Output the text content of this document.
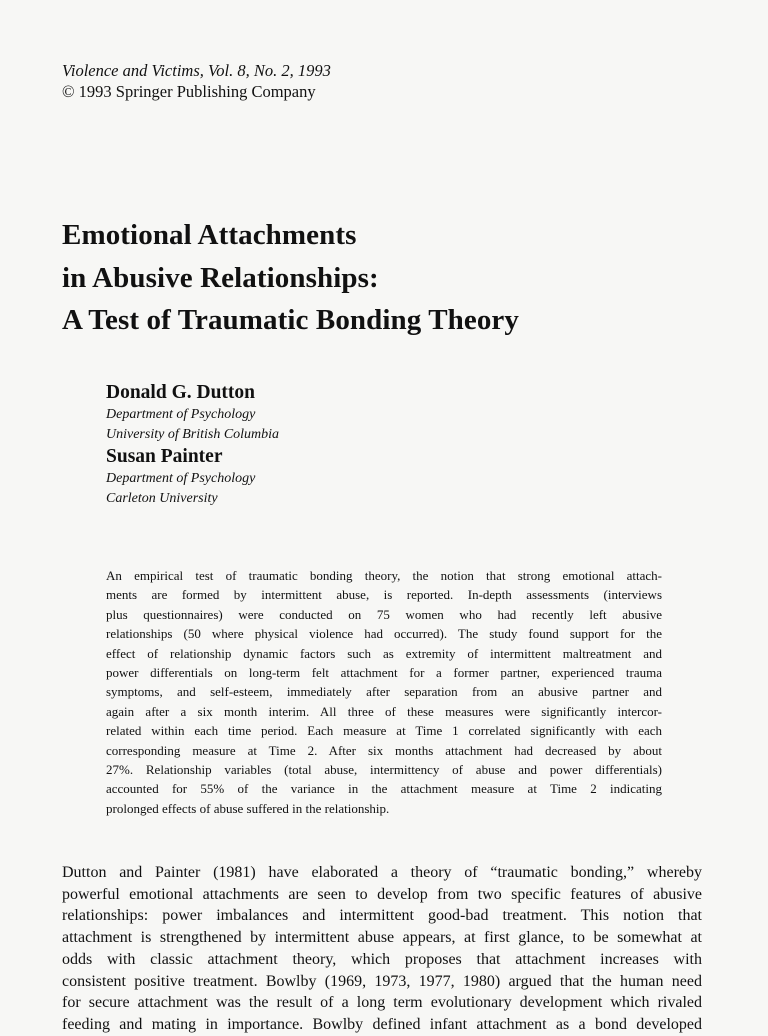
Violence and Victims, Vol. 8, No. 2, 1993
© 1993 Springer Publishing Company
Emotional Attachments
in Abusive Relationships:
A Test of Traumatic Bonding Theory
Donald G. Dutton
Department of Psychology
University of British Columbia
Susan Painter
Department of Psychology
Carleton University
An empirical test of traumatic bonding theory, the notion that strong emotional attach-
ments are formed by intermittent abuse, is reported. In-depth assessments (interviews
plus questionnaires) were conducted on 75 women who had recently left abusive
relationships (50 where physical violence had occurred). The study found support for the
effect of relationship dynamic factors such as extremity of intermittent maltreatment and
power differentials on long-term felt attachment for a former partner, experienced trauma
symptoms, and self-esteem, immediately after separation from an abusive partner and
again after a six month interim. All three of these measures were significantly intercor-
related within each time period. Each measure at Time 1 correlated significantly with each
corresponding measure at Time 2. After six months attachment had decreased by about
27%. Relationship variables (total abuse, intermittency of abuse and power differentials)
accounted for 55% of the variance in the attachment measure at Time 2 indicating
prolonged effects of abuse suffered in the relationship.
Dutton and Painter (1981) have elaborated a theory of “traumatic bonding,” whereby
powerful emotional attachments are seen to develop from two specific features of abusive
relationships: power imbalances and intermittent good-bad treatment. This notion that
attachment is strengthened by intermittent abuse appears, at first glance, to be somewhat at
odds with classic attachment theory, which proposes that attachment increases with
consistent positive treatment. Bowlby (1969, 1973, 1977, 1980) argued that the human need
for secure attachment was the result of a long term evolutionary development which rivaled
feeding and mating in importance. Bowlby defined infant attachment as a bond developed
